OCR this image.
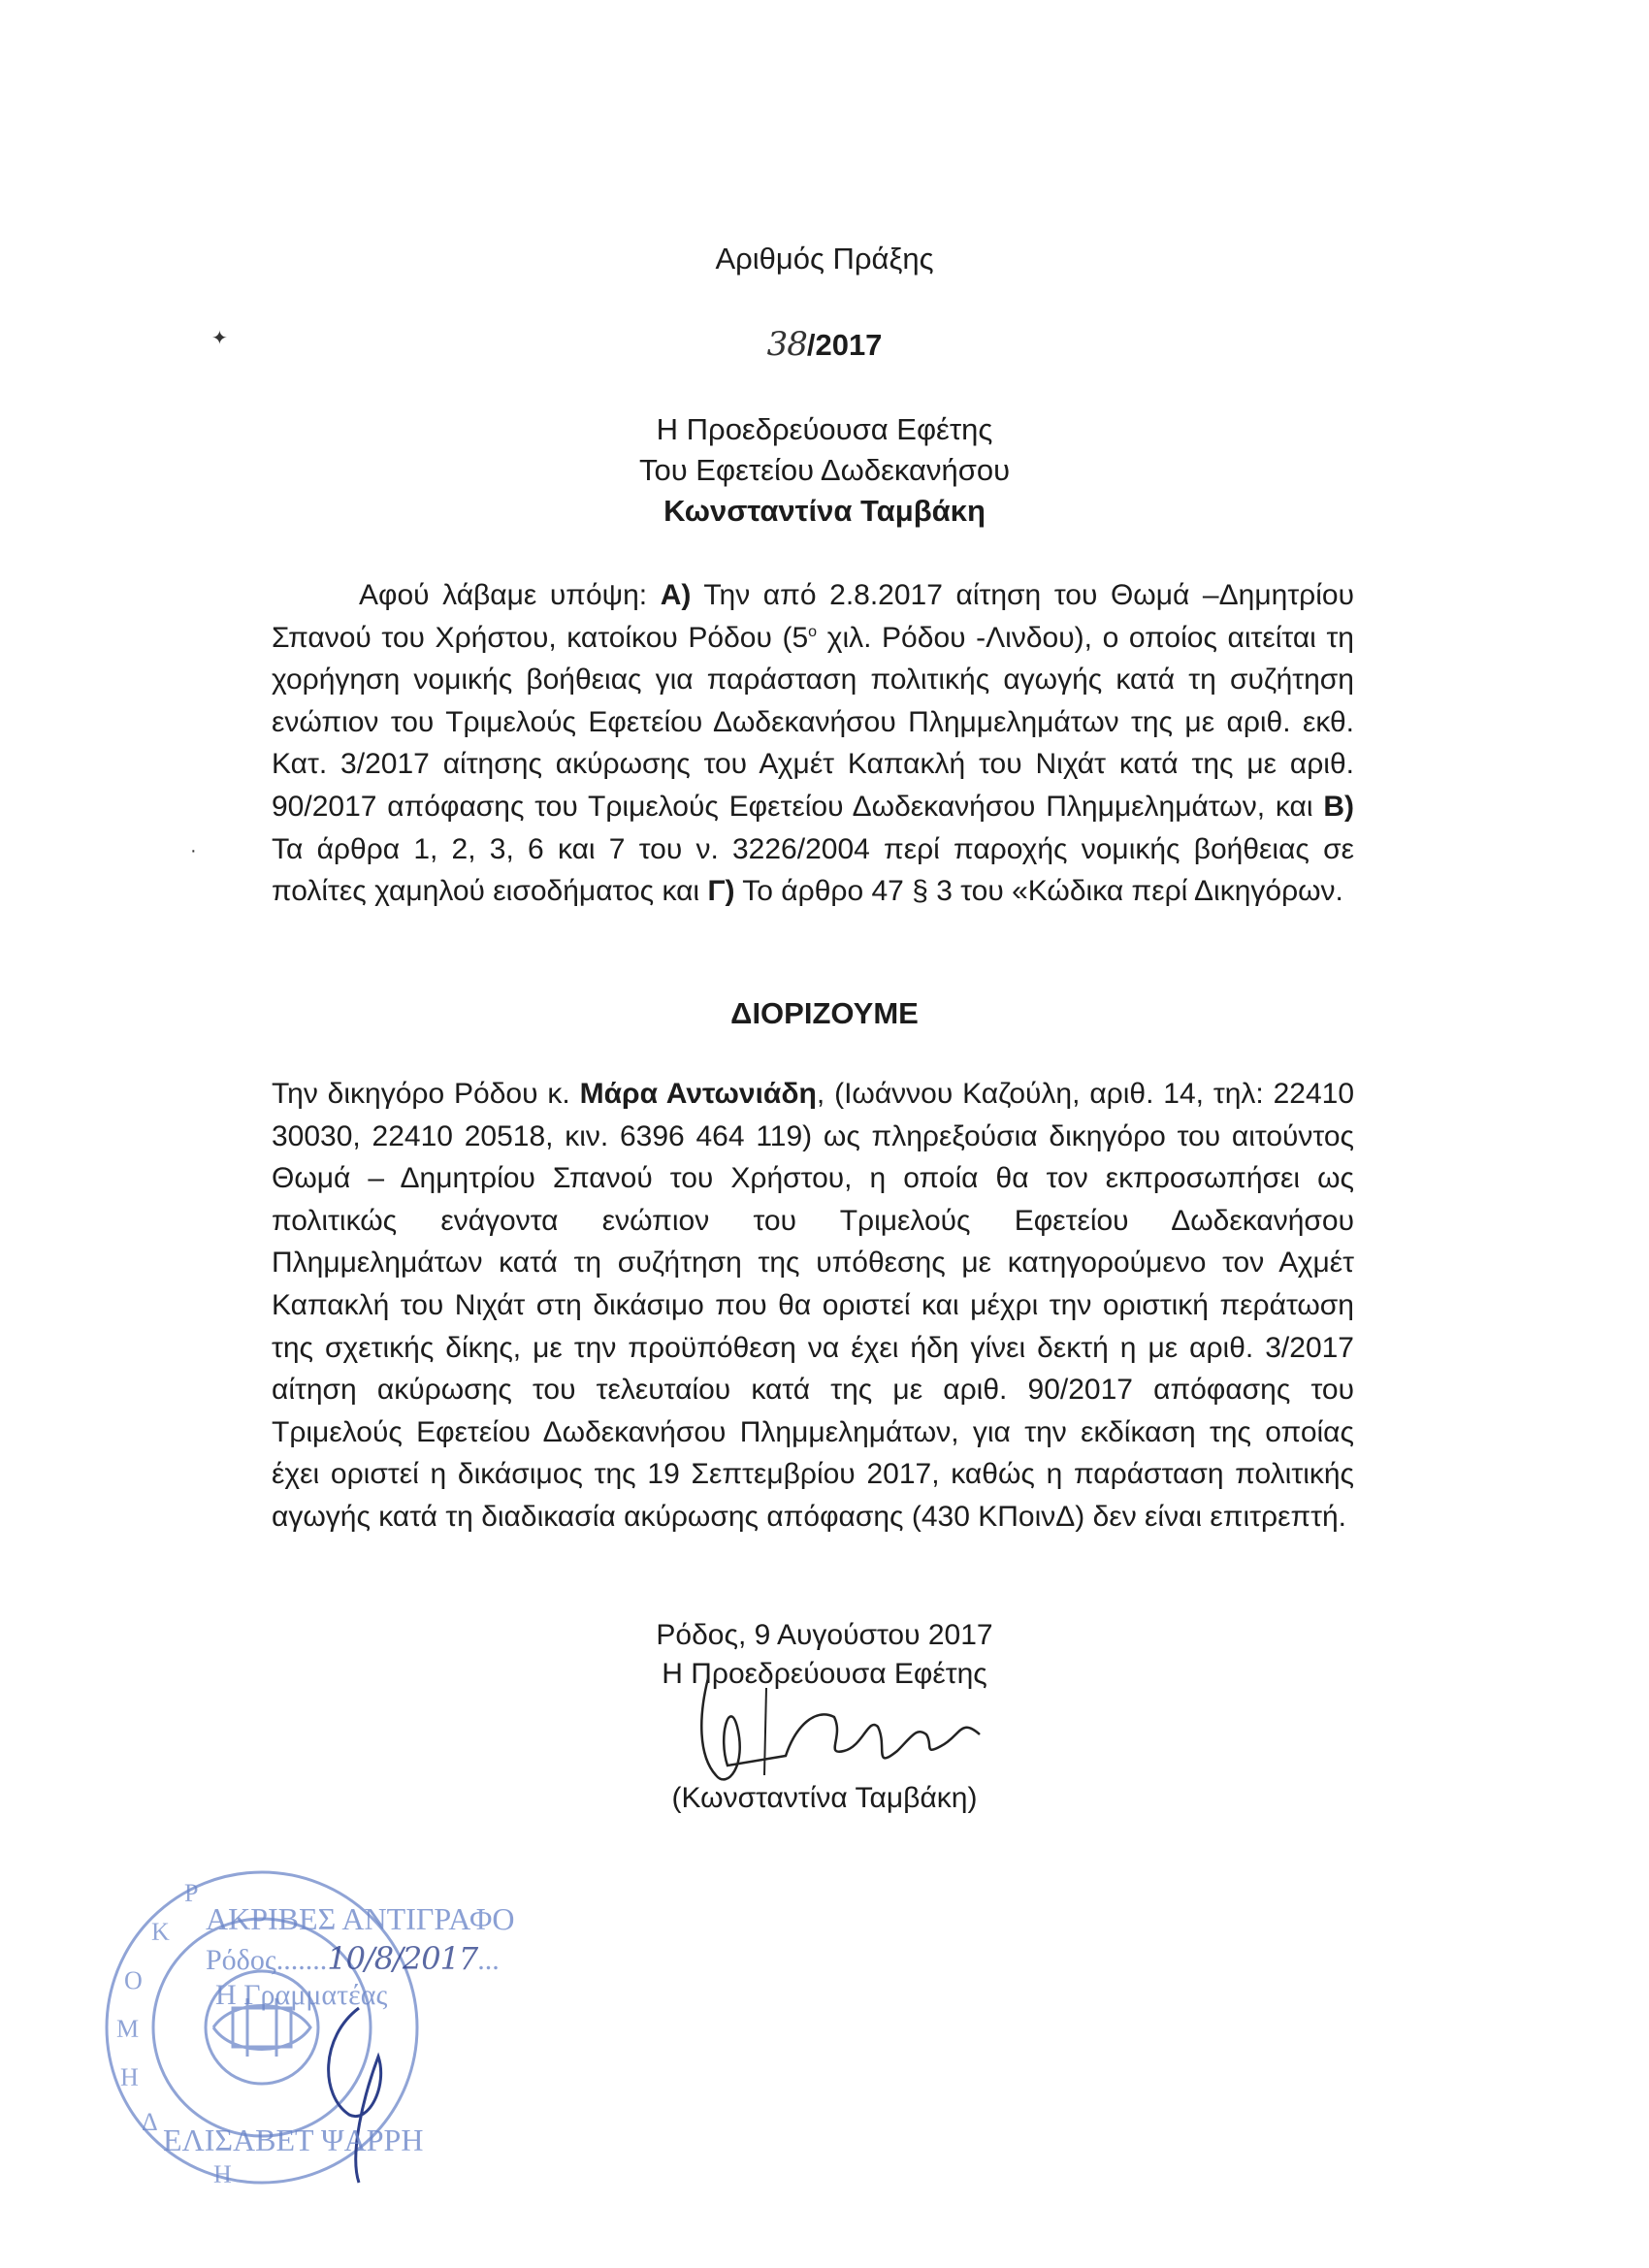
✦
·
Αριθμός Πράξης
38/2017
Η Προεδρεύουσα Εφέτης
Του Εφετείου Δωδεκανήσου
Κωνσταντίνα Ταμβάκη
Αφού λάβαμε υπόψη: Α) Την από 2.8.2017 αίτηση του Θωμά –Δημητρίου Σπανού του Χρήστου, κατοίκου Ρόδου ($5^o$ χιλ. Ρόδου -Λινδου), ο οποίος αιτείται τη χορήγηση νομικής βοήθειας για παράσταση πολιτικής αγωγής κατά τη συζήτηση ενώπιον του Τριμελούς Εφετείου Δωδεκανήσου Πλημμελημάτων της με αριθ. εκθ. Κατ. 3/2017 αίτησης ακύρωσης του Αχμέτ Καπακλή του Νιχάτ κατά της με αριθ. 90/2017 απόφασης του Τριμελούς Εφετείου Δωδεκανήσου Πλημμελημάτων, και Β) Τα άρθρα 1, 2, 3, 6 και 7 του ν. 3226/2004 περί παροχής νομικής βοήθειας σε πολίτες χαμηλού εισοδήματος και Γ) Το άρθρο 47 § 3 του «Κώδικα περί Δικηγόρων.
ΔΙΟΡΙΖΟΥΜΕ
Την δικηγόρο Ρόδου κ. Μάρα Αντωνιάδη, (Ιωάννου Καζούλη, αριθ. 14, τηλ: 22410 30030, 22410 20518, κιν. 6396 464 119) ως πληρεξούσια δικηγόρο του αιτούντος Θωμά – Δημητρίου Σπανού του Χρήστου, η οποία θα τον εκπροσωπήσει ως πολιτικώς ενάγοντα ενώπιον του Τριμελούς Εφετείου Δωδεκανήσου Πλημμελημάτων κατά τη συζήτηση της υπόθεσης με κατηγορούμενο τον Αχμέτ Καπακλή του Νιχάτ στη δικάσιμο που θα οριστεί και μέχρι την οριστική περάτωση της σχετικής δίκης, με την προϋπόθεση να έχει ήδη γίνει δεκτή η με αριθ. 3/2017 αίτηση ακύρωσης του τελευταίου κατά της με αριθ. 90/2017 απόφασης του Τριμελούς Εφετείου Δωδεκανήσου Πλημμελημάτων, για την εκδίκαση της οποίας έχει οριστεί η δικάσιμος της 19 Σεπτεμβρίου 2017, καθώς η παράσταση πολιτικής αγωγής κατά τη διαδικασία ακύρωσης απόφασης (430 ΚΠοινΔ) δεν είναι επιτρεπτή.
Ρόδος, 9 Αυγούστου 2017
Η Προεδρεύουσα Εφέτης
(Κωνσταντίνα Ταμβάκη)
Ρ
Κ
Ο
Μ
Η
Δ
Η
ΑΚΡΙΒΕΣ ΑΝΤΙΓΡΑΦΟ
Ρόδος.......10/8/2017...
Η Γραμματέας
ΕΛΙΣΑΒΕΤ ΨΑΡΡΗ
